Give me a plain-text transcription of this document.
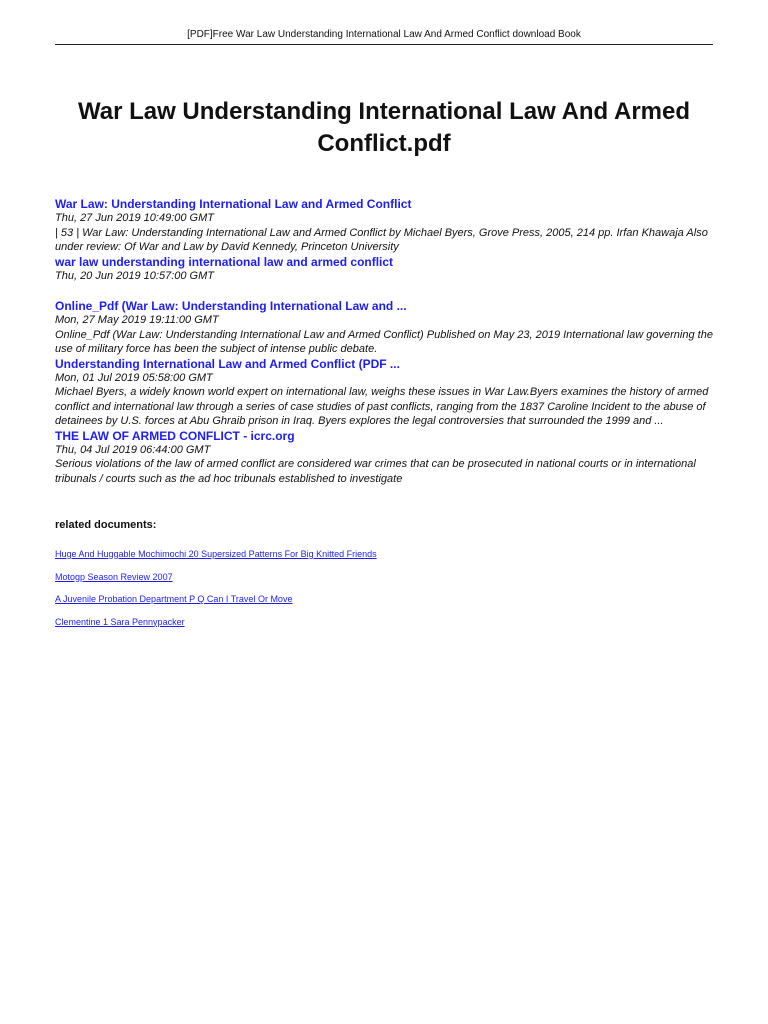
[PDF]Free War Law Understanding International Law And Armed Conflict download Book
War Law Understanding International Law And Armed Conflict.pdf
War Law: Understanding International Law and Armed Conflict
Thu, 27 Jun 2019 10:49:00 GMT
| 53 | War Law: Understanding International Law and Armed Conflict by Michael Byers, Grove Press, 2005, 214 pp. Irfan Khawaja Also under review: Of War and Law by David Kennedy, Princeton University
war law understanding international law and armed conflict
Thu, 20 Jun 2019 10:57:00 GMT
Online_Pdf (War Law: Understanding International Law and ...
Mon, 27 May 2019 19:11:00 GMT
Online_Pdf (War Law: Understanding International Law and Armed Conflict) Published on May 23, 2019 International law governing the use of military force has been the subject of intense public debate.
Understanding International Law and Armed Conflict (PDF ...
Mon, 01 Jul 2019 05:58:00 GMT
Michael Byers, a widely known world expert on international law, weighs these issues in War Law.Byers examines the history of armed conflict and international law through a series of case studies of past conflicts, ranging from the 1837 Caroline Incident to the abuse of detainees by U.S. forces at Abu Ghraib prison in Iraq. Byers explores the legal controversies that surrounded the 1999 and ...
THE LAW OF ARMED CONFLICT - icrc.org
Thu, 04 Jul 2019 06:44:00 GMT
Serious violations of the law of armed conflict are considered war crimes that can be prosecuted in national courts or in international tribunals / courts such as the ad hoc tribunals established to investigate
related documents:
Huge And Huggable Mochimochi 20 Supersized Patterns For Big Knitted Friends
Motogp Season Review 2007
A Juvenile Probation Department P Q Can I Travel Or Move
Clementine 1 Sara Pennypacker
